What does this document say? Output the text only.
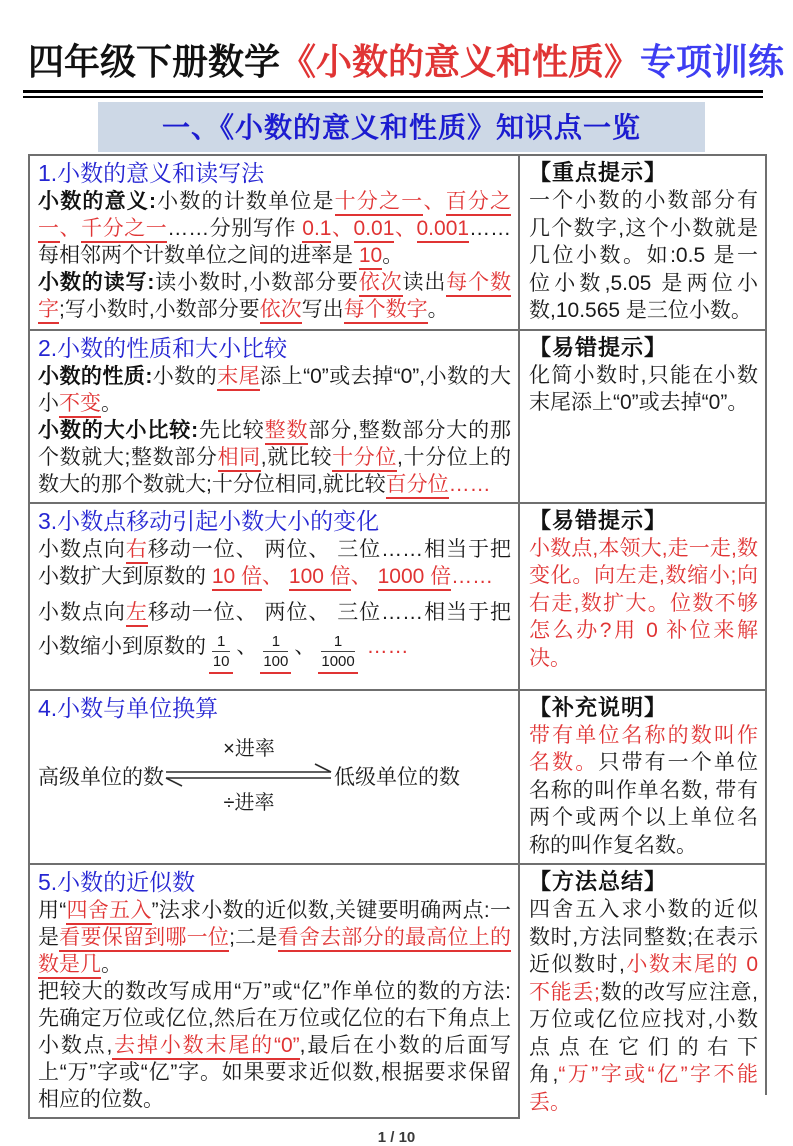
四年级下册数学《小数的意义和性质》专项训练
一、《小数的意义和性质》知识点一览
1.小数的意义和读写法
小数的意义:小数的计数单位是十分之一、百分之一、千分之一……分别写作 0.1、0.01、0.001……每相邻两个计数单位之间的进率是 10。
小数的读写:读小数时,小数部分要依次读出每个数字;写小数时,小数部分要依次写出每个数字。
【重点提示】
一个小数的小数部分有几个数字,这个小数就是几位小数。如:0.5 是一位小数,5.05 是两位小数,10.565 是三位小数。
2.小数的性质和大小比较
小数的性质:小数的末尾添上“0”或去掉“0”,小数的大小不变。
小数的大小比较:先比较整数部分,整数部分大的那个数就大;整数部分相同,就比较十分位,十分位上的数大的那个数就大;十分位相同,就比较百分位……
【易错提示】
化简小数时,只能在小数末尾添上“0”或去掉“0”。
3.小数点移动引起小数大小的变化
小数点向右移动一位、 两位、 三位……相当于把小数扩大到原数的 10 倍、 100 倍、 1000 倍……
小数点向左移动一位、 两位、 三位……相当于把小数缩小到原数的 $\frac{1}{10}$ 、 $\frac{1}{100}$ 、 $\frac{1}{1000}$ ……
【易错提示】
小数点,本领大,走一走,数变化。向左走,数缩小;向右走,数扩大。位数不够怎么办?用 0 补位来解决。
4.小数与单位换算
高级单位的数
×进率
÷进率
低级单位的数
【补充说明】
带有单位名称的数叫作名数。只带有一个单位名称的叫作单名数, 带有两个或两个以上单位名称的叫作复名数。
5.小数的近似数
用“四舍五入”法求小数的近似数,关键要明确两点:一是看要保留到哪一位;二是看舍去部分的最高位上的数是几。
把较大的数改写成用“万”或“亿”作单位的数的方法:先确定万位或亿位,然后在万位或亿位的右下角点上小数点,去掉小数末尾的“0”,最后在小数的后面写上“万”字或“亿”字。如果要求近似数,根据要求保留相应的位数。
【方法总结】
四舍五入求小数的近似数时,方法同整数;在表示近似数时,小数末尾的 0 不能丢;数的改写应注意, 万位或亿位应找对,小数点点在它们的右下角,“万”字或“亿”字不能丢。
1 / 10
